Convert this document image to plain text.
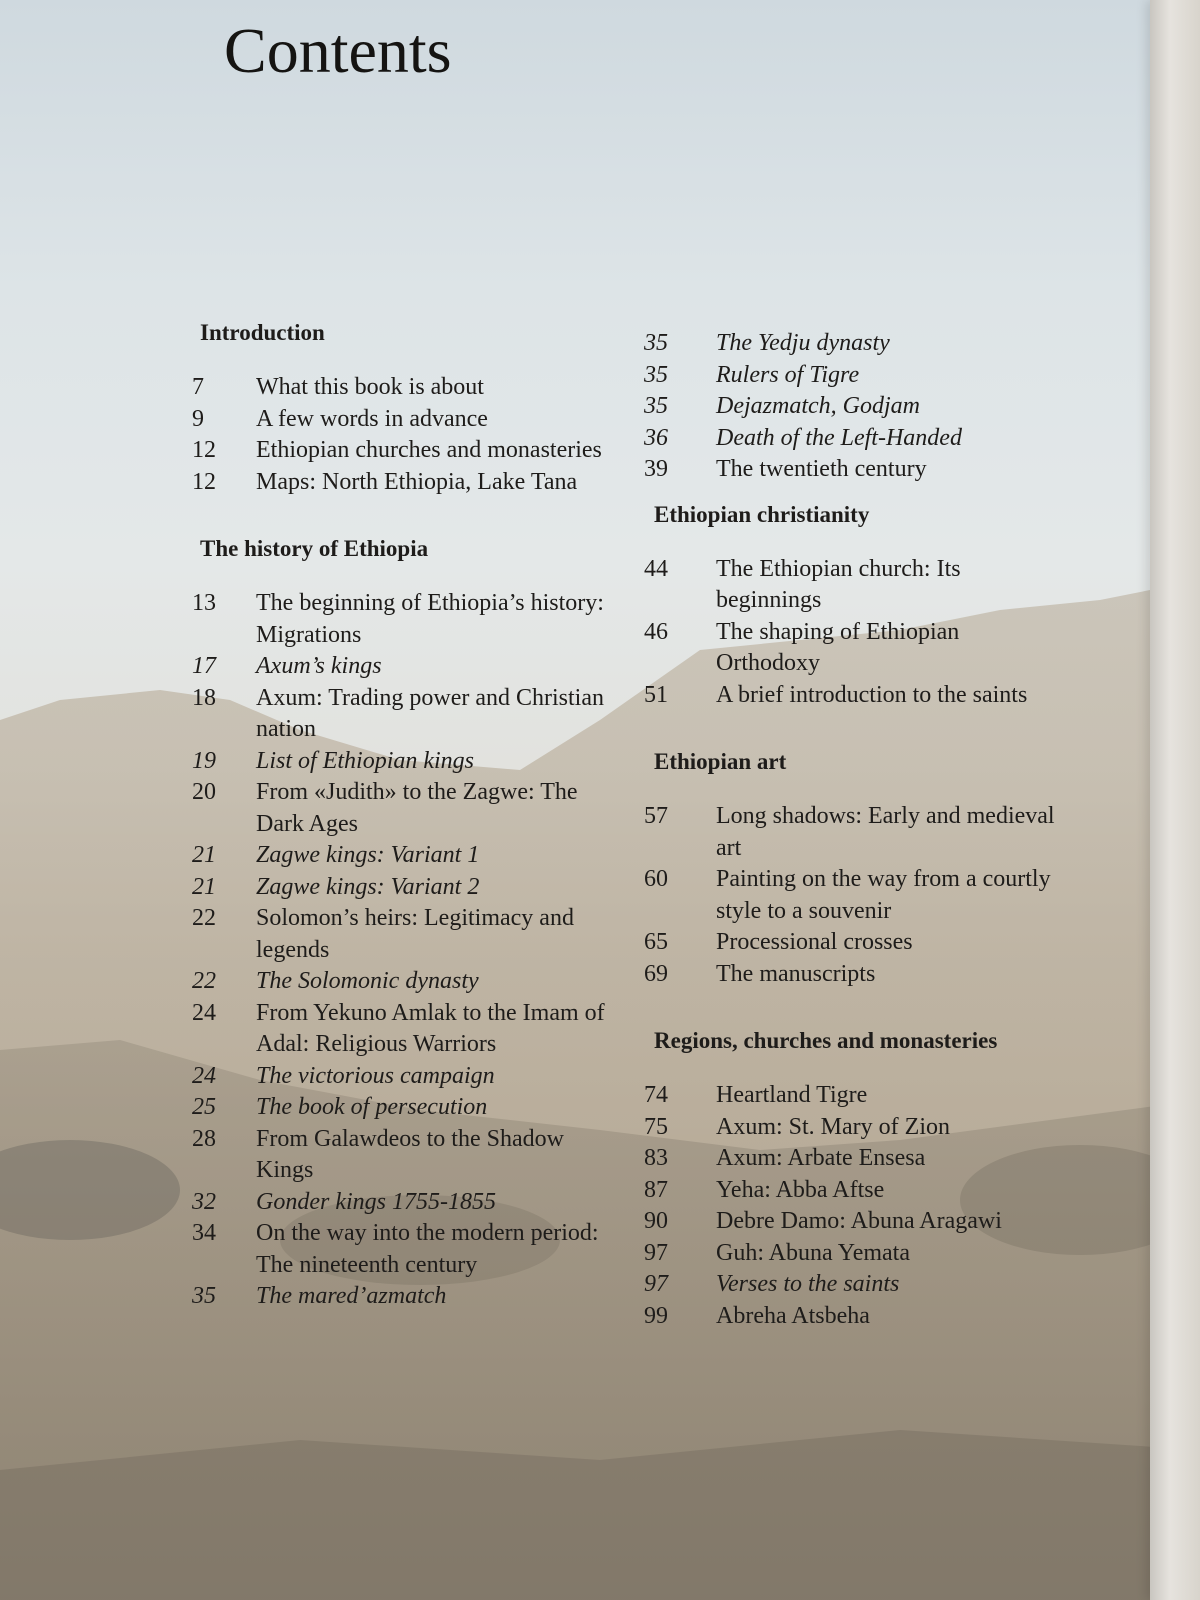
Contents
Introduction
7	What this book is about
9	A few words in advance
12	Ethiopian churches and monasteries
12	Maps: North Ethiopia, Lake Tana
The history of Ethiopia
13	The beginning of Ethiopia’s history: Migrations
17	Axum’s kings
18	Axum: Trading power and Christian nation
19	List of Ethiopian kings
20	From «Judith» to the Zagwe: The Dark Ages
21	Zagwe kings: Variant 1
21	Zagwe kings: Variant 2
22	Solomon’s heirs: Legitimacy and legends
22	The Solomonic dynasty
24	From Yekuno Amlak to the Imam of Adal: Religious Warriors
24	The victorious campaign
25	The book of persecution
28	From Galawdeos to the Shadow Kings
32	Gonder kings 1755-1855
34	On the way into the modern period: The nineteenth century
35	The mared’azmatch
35	The Yedju dynasty
35	Rulers of Tigre
35	Dejazmatch, Godjam
36	Death of the Left-Handed
39	The twentieth century
Ethiopian christianity
44	The Ethiopian church: Its beginnings
46	The shaping of Ethiopian Orthodoxy
51	A brief introduction to the saints
Ethiopian art
57	Long shadows: Early and medieval art
60	Painting on the way from a courtly style to a souvenir
65	Processional crosses
69	The manuscripts
Regions, churches and monasteries
74	Heartland Tigre
75	Axum: St. Mary of Zion
83	Axum: Arbate Ensesa
87	Yeha: Abba Aftse
90	Debre Damo: Abuna Aragawi
97	Guh: Abuna Yemata
97	Verses to the saints
99	Abreha Atsbeha
